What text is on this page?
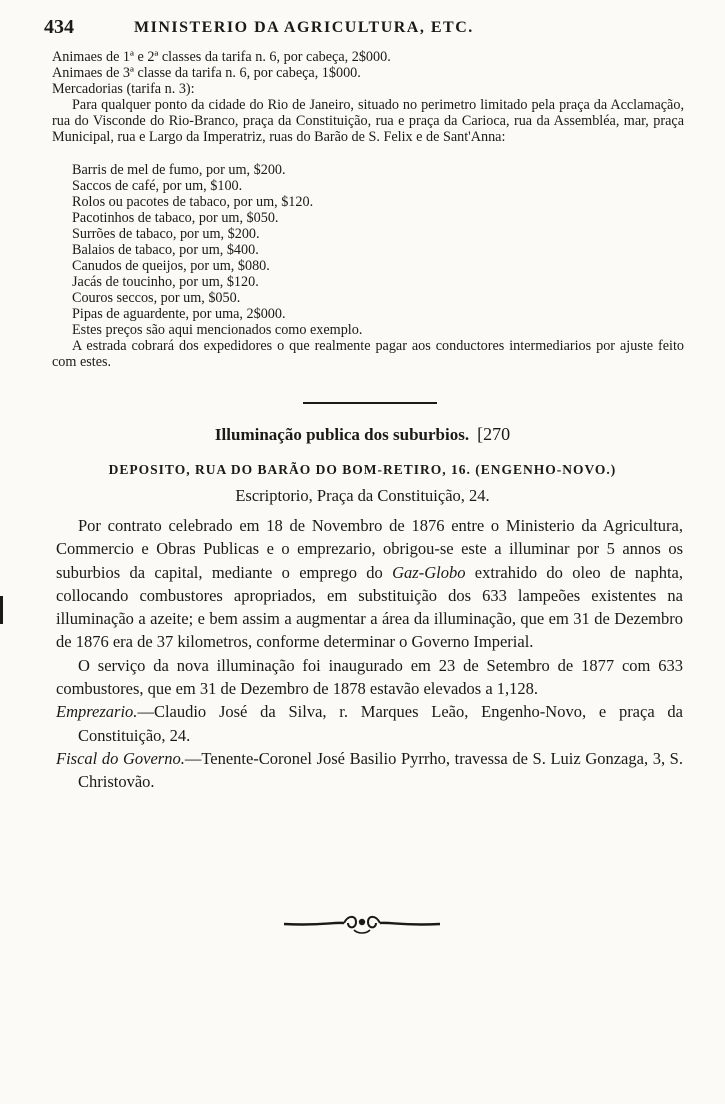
434	MINISTERIO DA AGRICULTURA, ETC.
Animaes de 1ª e 2ª classes da tarifa n. 6, por cabeça, 2$000.
Animaes de 3ª classe da tarifa n. 6, por cabeça, 1$000.
Mercadorias (tarifa n. 3):
Para qualquer ponto da cidade do Rio de Janeiro, situado no perimetro limitado pela praça da Acclamação, rua do Visconde do Rio-Branco, praça da Constituição, rua e praça da Carioca, rua da Assembléa, mar, praça Municipal, rua e Largo da Imperatriz, ruas do Barão de S. Felix e de Sant'Anna:
Barris de mel de fumo, por um, $200.
Saccos de café, por um, $100.
Rolos ou pacotes de tabaco, por um, $120.
Pacotinhos de tabaco, por um, $050.
Surrões de tabaco, por um, $200.
Balaios de tabaco, por um, $400.
Canudos de queijos, por um, $080.
Jacás de toucinho, por um, $120.
Couros seccos, por um, $050.
Pipas de aguardente, por uma, 2$000.
Estes preços são aqui mencionados como exemplo.
A estrada cobrará dos expedidores o que realmente pagar aos conductores intermediarios por ajuste feito com estes.
Illuminação publica dos suburbios. [270
DEPOSITO, RUA DO BARÃO DO BOM-RETIRO, 16. (ENGENHO-NOVO.)
Escriptorio, Praça da Constituição, 24.

Por contrato celebrado em 18 de Novembro de 1876 entre o Ministerio da Agricultura, Commercio e Obras Publicas e o emprezario, obrigou-se este a illuminar por 5 annos os suburbios da capital, mediante o emprego do Gaz-Globo extrahido do oleo de naphta, collocando combustores apropriados, em substituição dos 633 lampeões existentes na illuminação a azeite; e bem assim a augmentar a área da illuminação, que em 31 de Dezembro de 1876 era de 37 kilometros, conforme determinar o Governo Imperial.

O serviço da nova illuminação foi inaugurado em 23 de Setembro de 1877 com 633 combustores, que em 31 de Dezembro de 1878 estavão elevados a 1,128.

Emprezario.—Claudio José da Silva, r. Marques Leão, Engenho-Novo, e praça da Constituição, 24.

Fiscal do Governo.—Tenente-Coronel José Basilio Pyrrho, travessa de S. Luiz Gonzaga, 3, S. Christovão.
